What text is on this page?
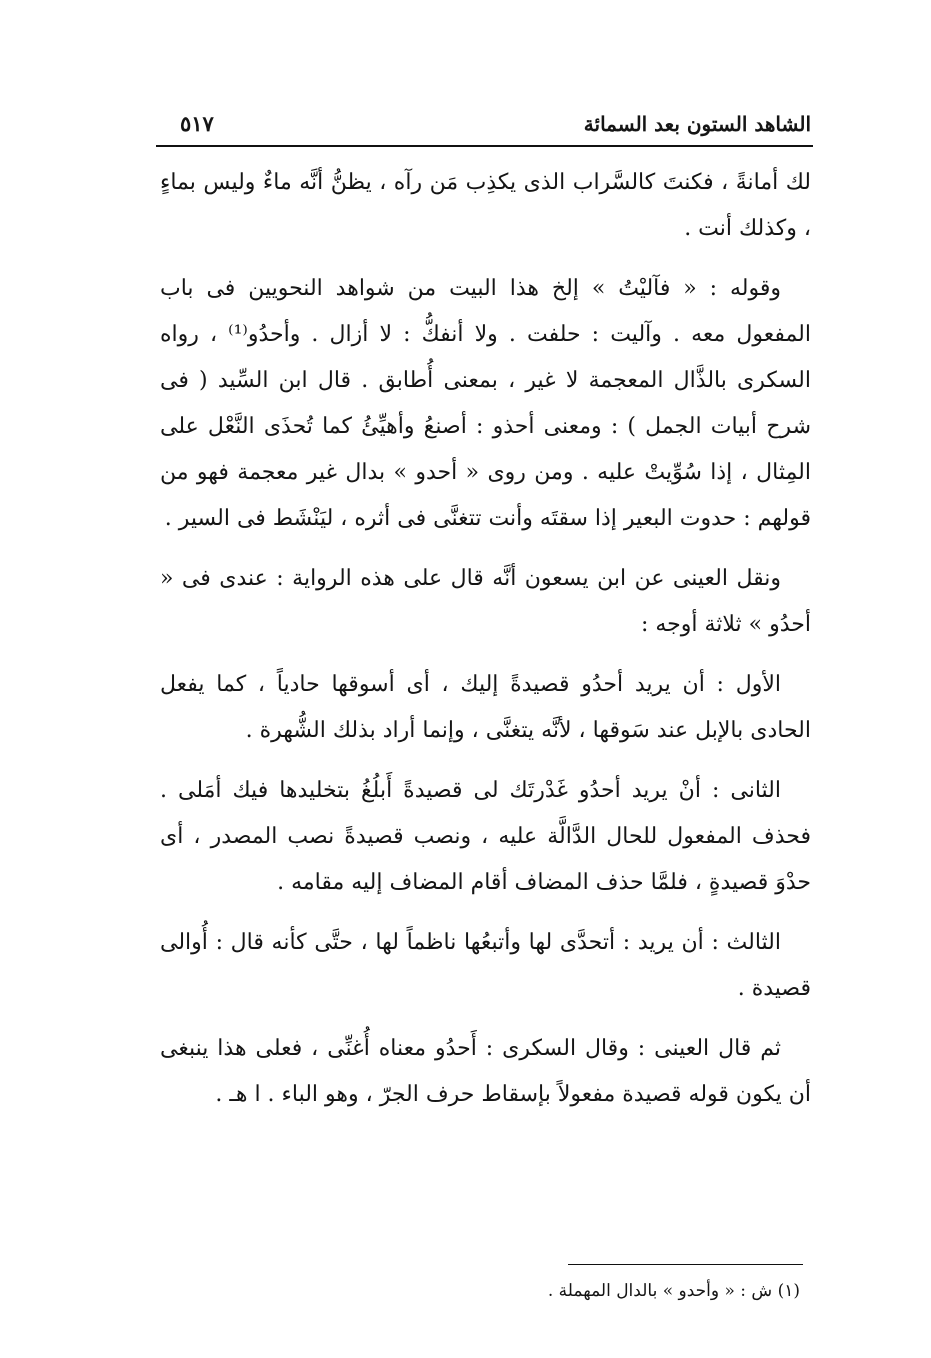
الشاهد الستون بعد السمائة
٥١٧

لك أمانةً ، فكنتَ كالسَّراب الذى يكذِب مَن رآه ، يظنُّ أنَّه ماءٌ وليس بماءٍ ، وكذلك أنت .

وقوله : « فآليْتُ » إلخ هذا البيت من شواهد النحويين فى باب المفعول معه . وآليت : حلفت . ولا أنفكُّ : لا أزال . وأحدُو⁽¹⁾ ، رواه السكرى بالذَّال المعجمة لا غير ، بمعنى أُطابق . قال ابن السِّيد ( فى شرح أبيات الجمل ) : ومعنى أحذو : أصنعُ وأهيِّئُ كما تُحذَى النَّعْل على المِثال ، إذا سُوِّيتْ عليه . ومن روى « أحدو » بدال غير معجمة فهو من قولهم : حدوت البعير إذا سقتَه وأنت تتغنَّى فى أثره ، ليَنْشَط فى السير .

ونقل العينى عن ابن يسعون أنَّه قال على هذه الرواية : عندى فى « أحدُو » ثلاثة أوجه :

الأول : أن يريد أحدُو قصيدةً إليك ، أى أسوقها حادياً ، كما يفعل الحادى بالإبل عند سَوقها ، لأنَّه يتغنَّى ، وإنما أراد بذلك الشُّهرة .

الثانى : أنْ يريد أحدُو غَدْرتَك لى قصيدةً أَبلُغُ بتخليدها فيك أمَلى . فحذف المفعول للحال الدَّالَّة عليه ، ونصب قصيدةً نصب المصدر ، أى حدْوَ قصيدةٍ ، فلمَّا حذف المضاف أقام المضاف إليه مقامه .

الثالث : أن يريد : أتحدَّى لها وأتبعُها ناظماً لها ، حتَّى كأنه قال : أُوالى قصيدة .

ثم قال العينى : وقال السكرى : أَحدُو معناه أُغنِّى ، فعلى هذا ينبغى أن يكون قوله قصيدة مفعولاً بإسقاط حرف الجرّ ، وهو الباء . ا هـ .

(١) ش : « وأحدو » بالدال المهملة .
